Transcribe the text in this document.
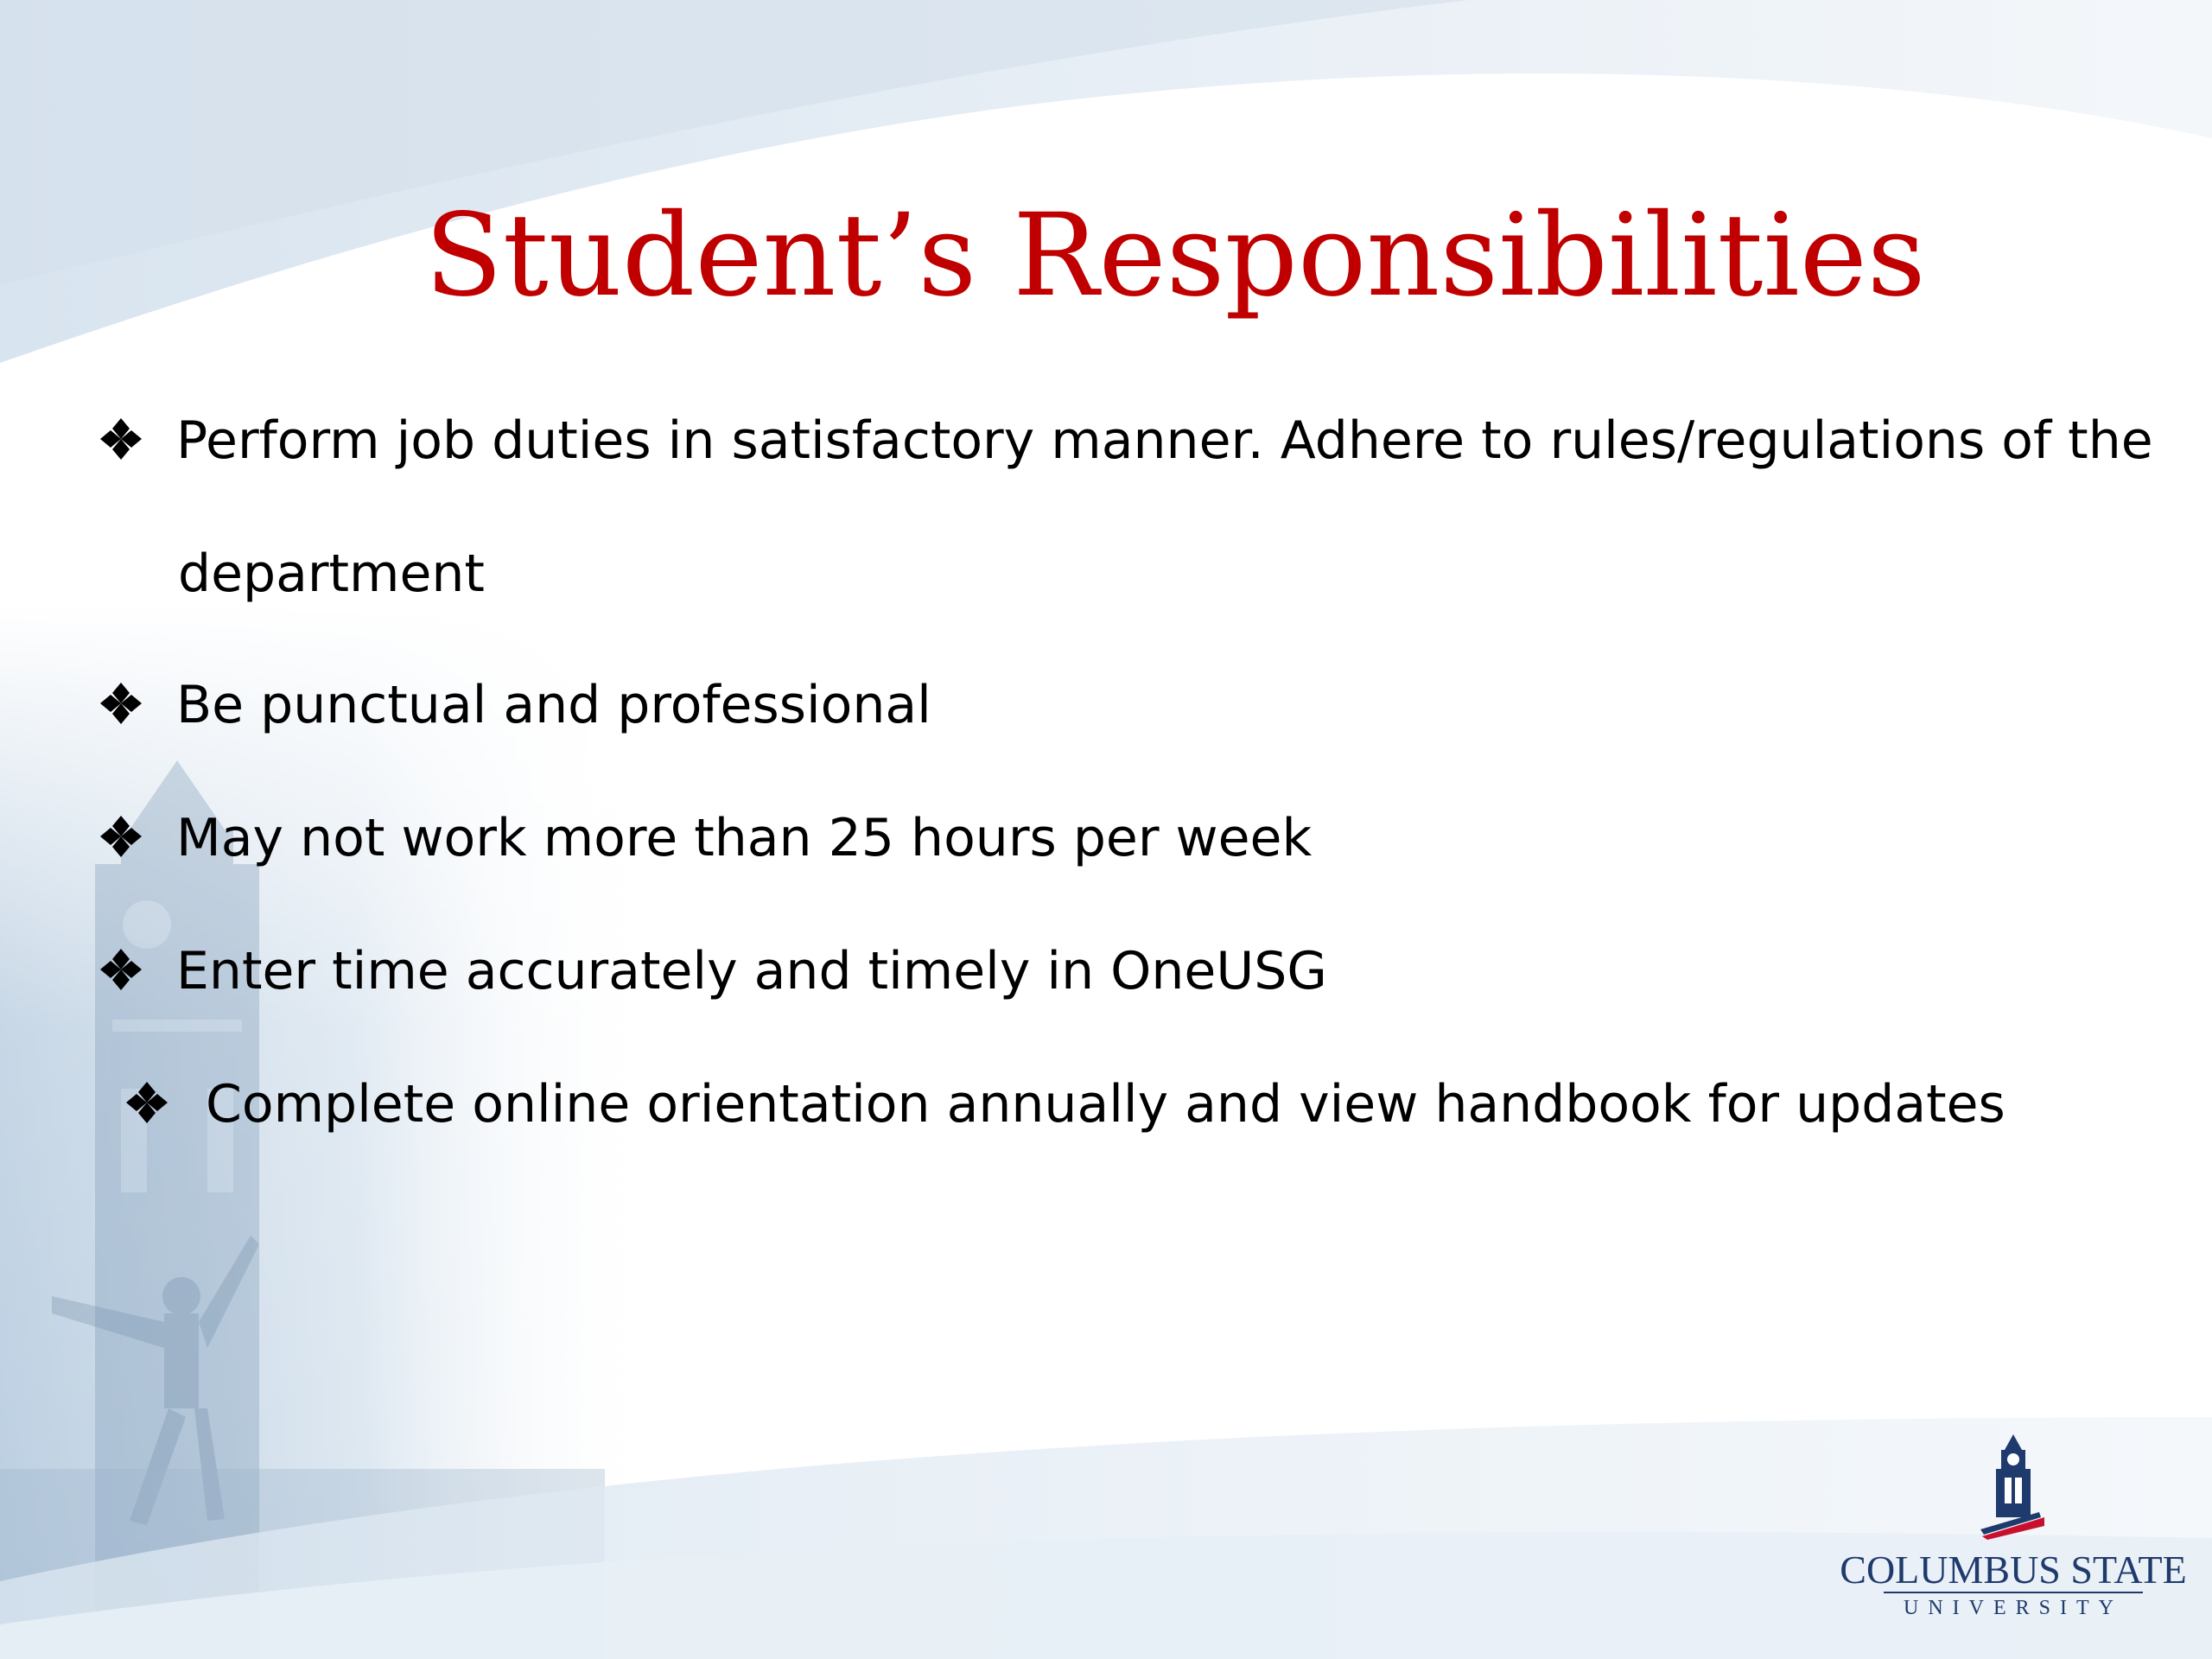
Student’s Responsibilities
Perform job duties in satisfactory manner. Adhere to rules/regulations of the
department
Be punctual and professional
May not work more than 25 hours per week
Enter time accurately and timely in OneUSG
Complete online orientation annually and view handbook for updates
COLUMBUS STATE
UNIVERSITY
